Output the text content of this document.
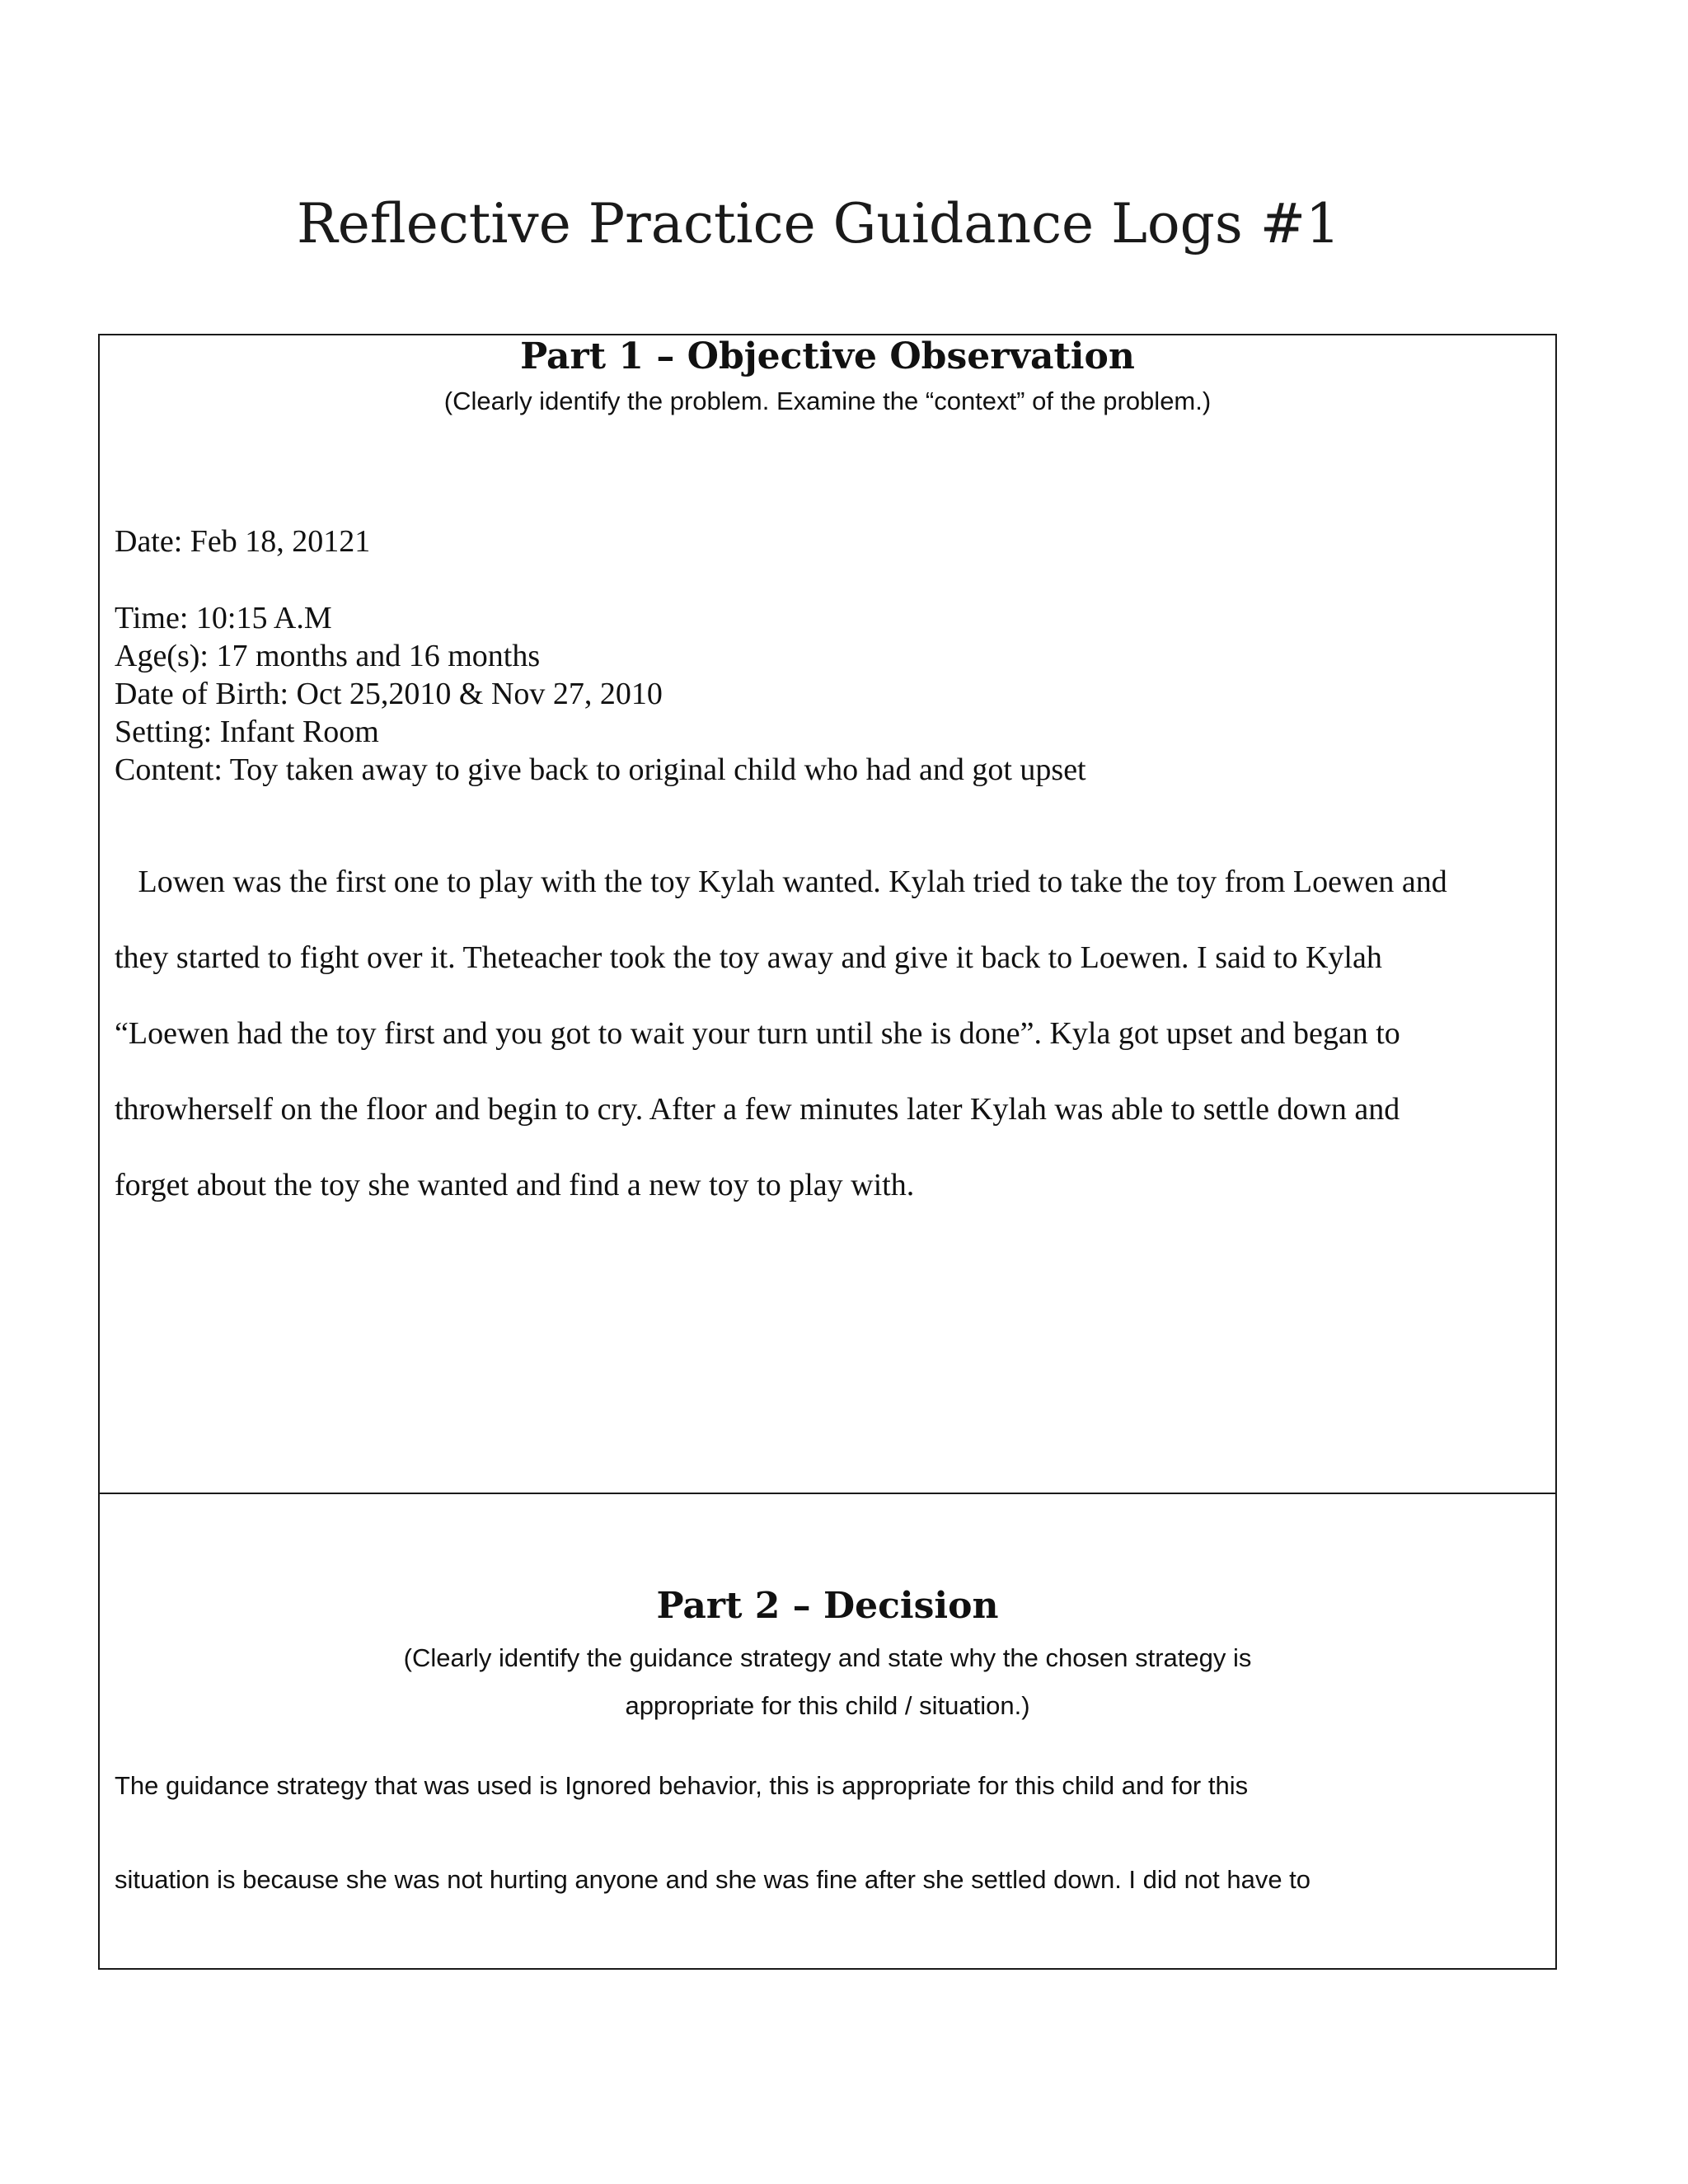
Reflective Practice Guidance Logs #1
Part 1 – Objective Observation

(Clearly identify the problem. Examine the “context” of the problem.)

Date: Feb 18, 20121

Time: 10:15 A.M

Age(s): 17 months and 16 months

Date of Birth: Oct 25,2010 & Nov 27, 2010

Setting: Infant Room

Content: Toy taken away to give back to original child who had and got upset

Lowen was the first one to play with the toy Kylah wanted. Kylah tried to take the toy from Loewen and

they started to fight over it. Theteacher took the toy away and give it back to Loewen. I said to Kylah

“Loewen had the toy first and you got to wait your turn until she is done”. Kyla got upset and began to

throwherself on the floor and begin to cry. After a few minutes later Kylah was able to settle down and

forget about the toy she wanted and find a new toy to play with.

Part 2 – Decision
(Clearly identify the guidance strategy and state why the chosen strategy is
appropriate for this child / situation.)

The guidance strategy that was used is Ignored behavior, this is appropriate for this child and for this

situation is because she was not hurting anyone and she was fine after she settled down. I did not have to
